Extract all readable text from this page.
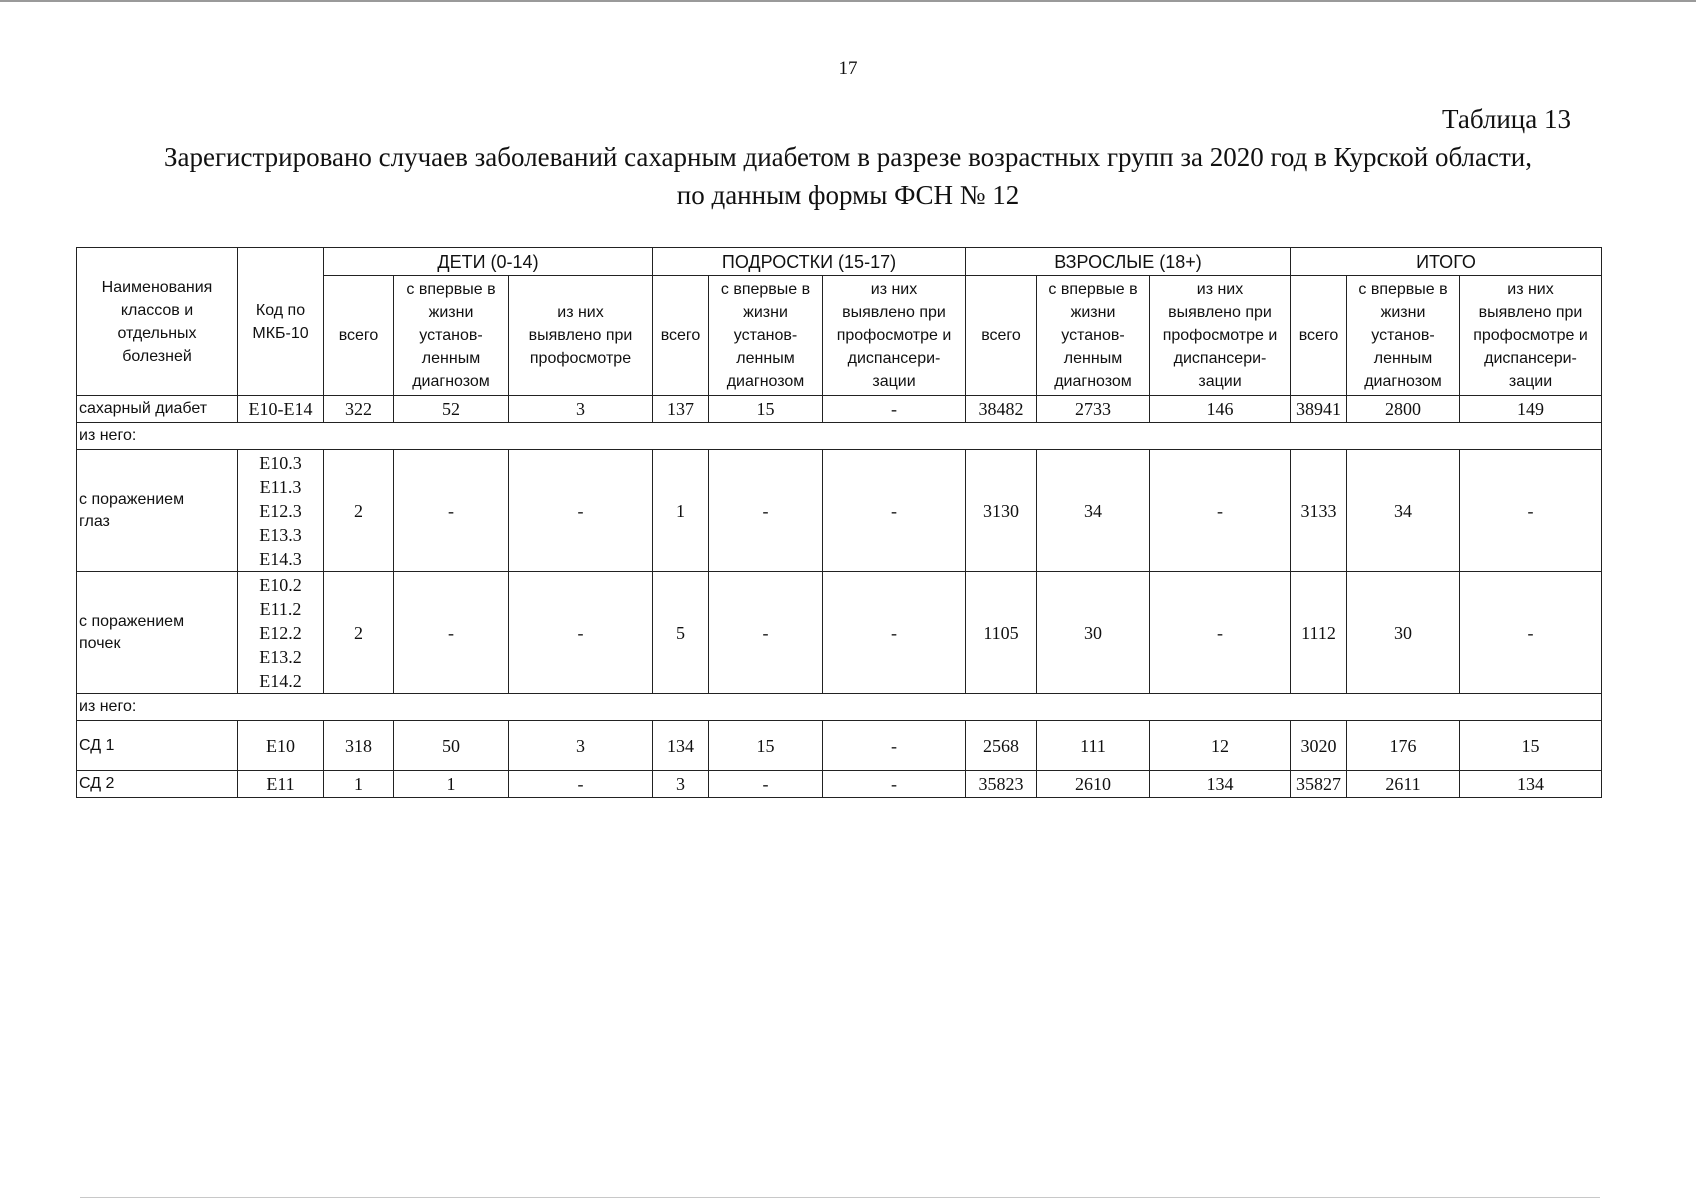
17
Таблица 13
Зарегистрировано случаев заболеваний сахарным диабетом в разрезе возрастных групп за 2020 год в Курской области,
по данным формы ФСН № 12
Наименования
классов и
отдельных
болезней	Код по
МКБ-10	ДЕТИ (0-14)			ПОДРОСТКИ (15-17)			ВЗРОСЛЫЕ (18+)			ИТОГО		
		всего	с впервые в
жизни
установ-
ленным
диагнозом	из них
выявлено при
профосмотре	всего	с впервые в
жизни
установ-
ленным
диагнозом	из них
выявлено при
профосмотре и
диспансери-
зации	всего	с впервые в
жизни
установ-
ленным
диагнозом	из них
выявлено при
профосмотре и
диспансери-
зации	всего	с впервые в
жизни
установ-
ленным
диагнозом	из них
выявлено при
профосмотре и
диспансери-
зации
сахарный диабет	E10-E14	322	52	3	137	15	-	38482	2733	146	38941	2800	149
из него:													
с поражением
глаз	E10.3
E11.3
E12.3
E13.3
E14.3	2	-	-	1	-	-	3130	34	-	3133	34	-
с поражением
почек	E10.2
E11.2
E12.2
E13.2
E14.2	2	-	-	5	-	-	1105	30	-	1112	30	-
из него:													
СД 1	E10	318	50	3	134	15	-	2568	111	12	3020	176	15
СД 2	E11	1	1	-	3	-	-	35823	2610	134	35827	2611	134
